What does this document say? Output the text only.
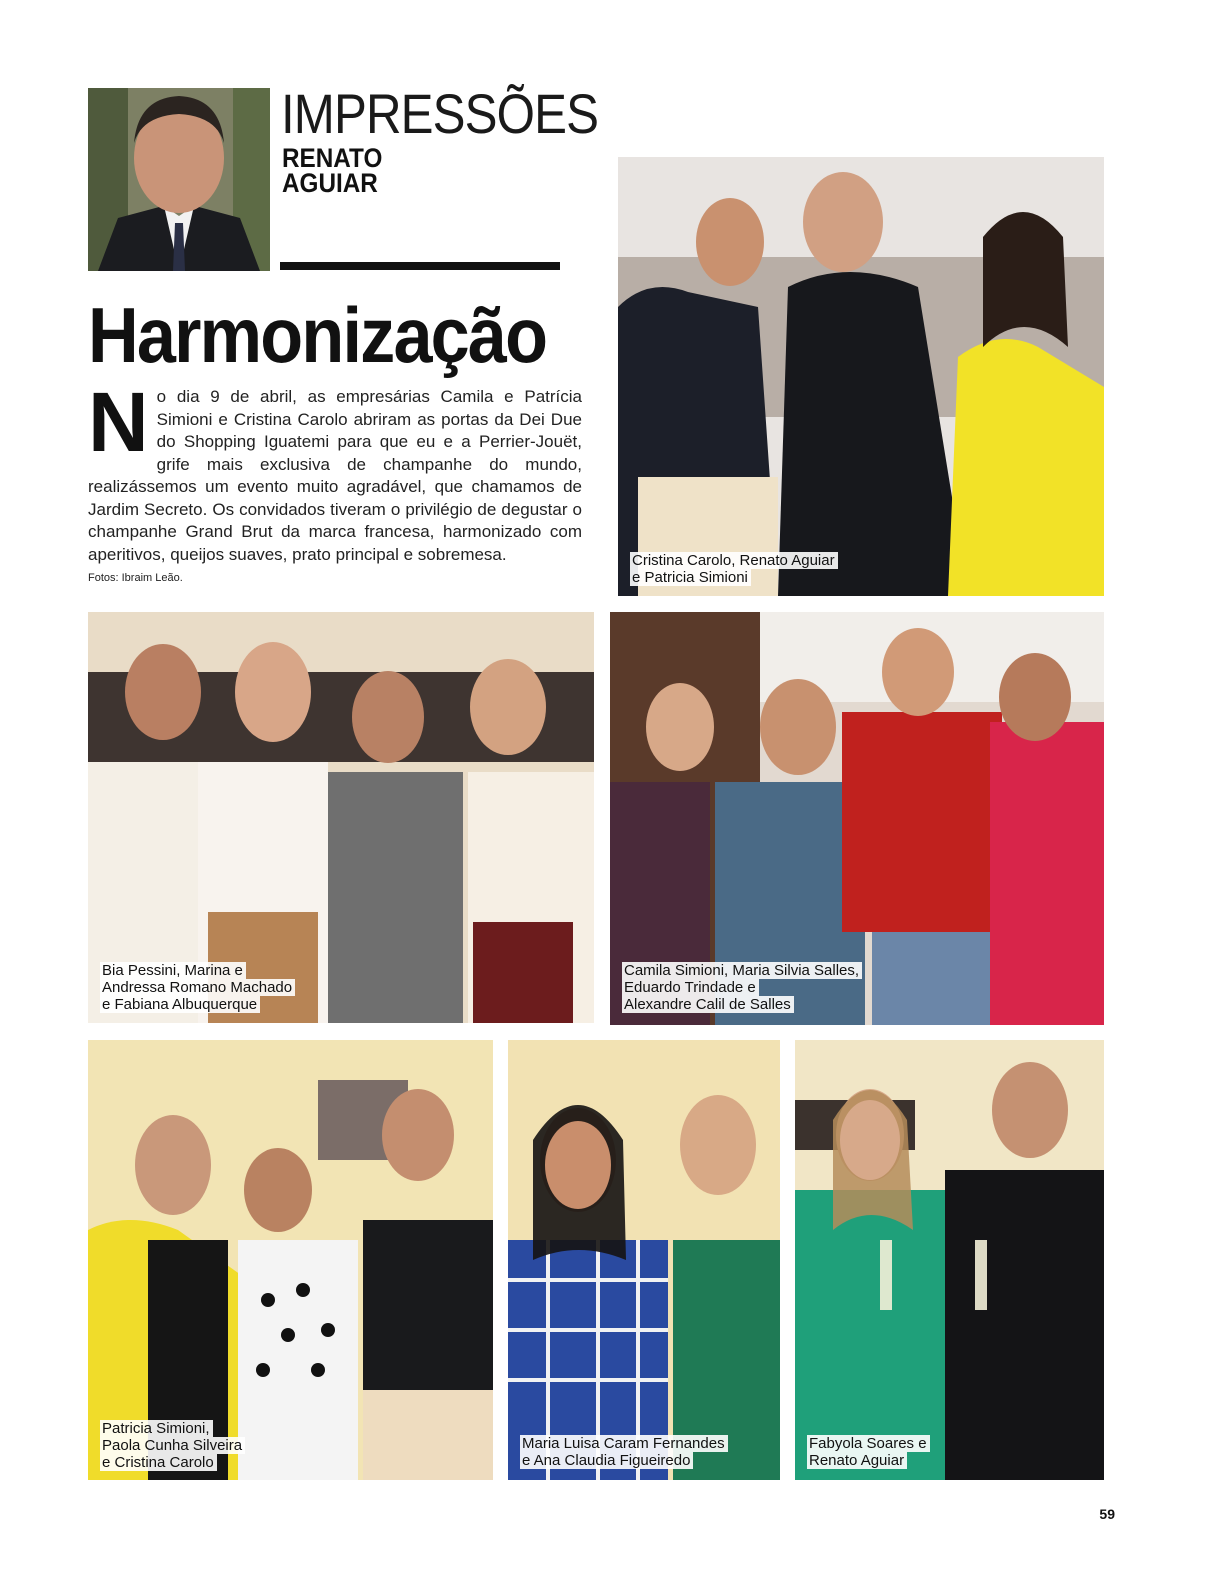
IMPRESSÕES
RENATO
AGUIAR
Harmonização
No dia 9 de abril, as empresárias Camila e Patrícia Simioni e Cristina Carolo abriram as portas da Dei Due do Shopping Iguatemi para que eu e a Perrier-Jouët, grife mais exclusiva de champanhe do mundo, realizássemos um evento muito agradável, que chamamos de Jardim Secreto. Os convidados tiveram o privilégio de degustar o champanhe Grand Brut da marca francesa, harmonizado com aperitivos, queijos suaves, prato principal e sobremesa.
Fotos: Ibraim Leão.
Cristina Carolo, Renato Aguiar
e Patricia Simioni
Bia Pessini, Marina e
Andressa Romano Machado
e Fabiana Albuquerque
Camila Simioni, Maria Silvia Salles,
Eduardo Trindade e
Alexandre Calil de Salles
Patricia Simioni,
Paola Cunha Silveira
e Cristina Carolo
Maria Luisa Caram Fernandes
e Ana Claudia Figueiredo
Fabyola Soares e
Renato Aguiar
59
